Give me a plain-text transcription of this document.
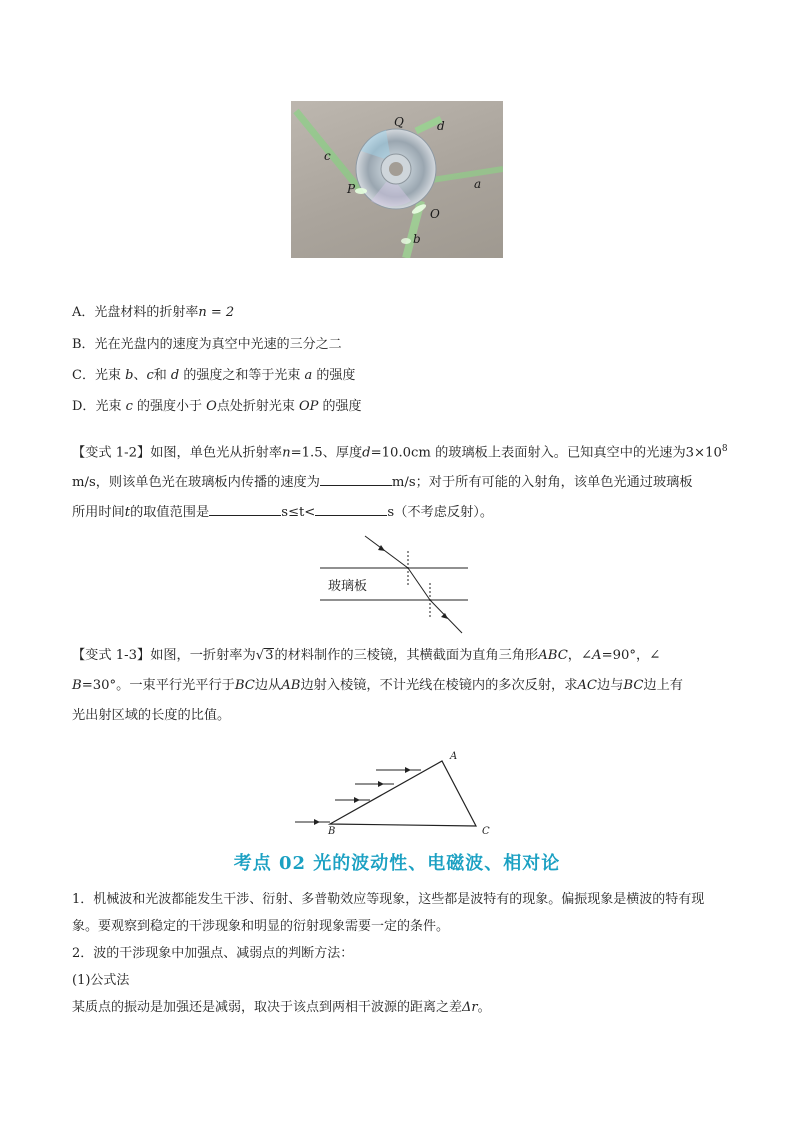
Q	d
c
P	a
O
b
A．光盘材料的折射率n = 2
B．光在光盘内的速度为真空中光速的三分之二
C．光束 b、c和 d 的强度之和等于光束 a 的强度
D．光束 c 的强度小于 O点处折射光束 OP 的强度
【变式 1-2】如图，单色光从折射率n=1.5、厚度d=10.0cm 的玻璃板上表面射入。已知真空中的光速为$3\times 10^8$
m/s，则该单色光在玻璃板内传播的速度为	m/s；对于所有可能的入射角，该单色光通过玻璃板
所用时间t的取值范围是	s≤t<	s（不考虑反射）。
玻璃板
【变式 1-3】如图，一折射率为√3的材料制作的三棱镜，其横截面为直角三角形ABC，∠A=90°，∠
B=30°。一束平行光平行于BC边从AB边射入棱镜，不计光线在棱镜内的多次反射，求AC边与BC边上有
光出射区域的长度的比值。
A
B	C
考点 02 光的波动性、电磁波、相对论
1．机械波和光波都能发生干涉、衍射、多普勒效应等现象，这些都是波特有的现象。偏振现象是横波的特有现象。要观察到稳定的干涉现象和明显的衍射现象需要一定的条件。
2．波的干涉现象中加强点、减弱点的判断方法：
(1)公式法
某质点的振动是加强还是减弱，取决于该点到两相干波源的距离之差Δr。
